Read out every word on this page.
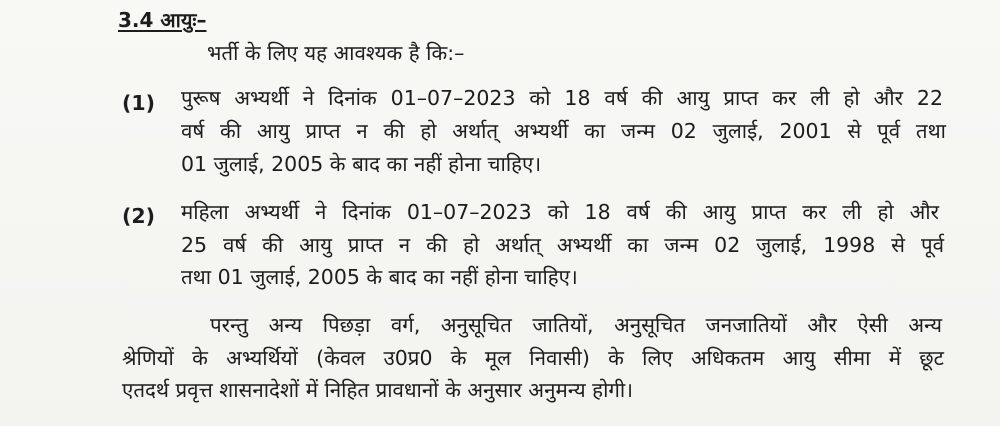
3.4 आयुः–
भर्ती के लिए यह आवश्यक है कि:–
(1) पुरूष अभ्यर्थी ने दिनांक 01–07–2023 को 18 वर्ष की आयु प्राप्त कर ली हो और 22
वर्ष की आयु प्राप्त न की हो अर्थात् अभ्यर्थी का जन्म 02 जुलाई, 2001 से पूर्व तथा
01 जुलाई, 2005 के बाद का नहीं होना चाहिए।
(2) महिला अभ्यर्थी ने दिनांक 01–07–2023 को 18 वर्ष की आयु प्राप्त कर ली हो और
25 वर्ष की आयु प्राप्त न की हो अर्थात् अभ्यर्थी का जन्म 02 जुलाई, 1998 से पूर्व
तथा 01 जुलाई, 2005 के बाद का नहीं होना चाहिए।
परन्तु अन्य पिछड़ा वर्ग, अनुसूचित जातियों, अनुसूचित जनजातियों और ऐसी अन्य
श्रेणियों के अभ्यर्थियों (केवल उ0प्र0 के मूल निवासी) के लिए अधिकतम आयु सीमा में छूट
एतदर्थ प्रवृत्त शासनादेशों में निहित प्रावधानों के अनुसार अनुमन्य होगी।
